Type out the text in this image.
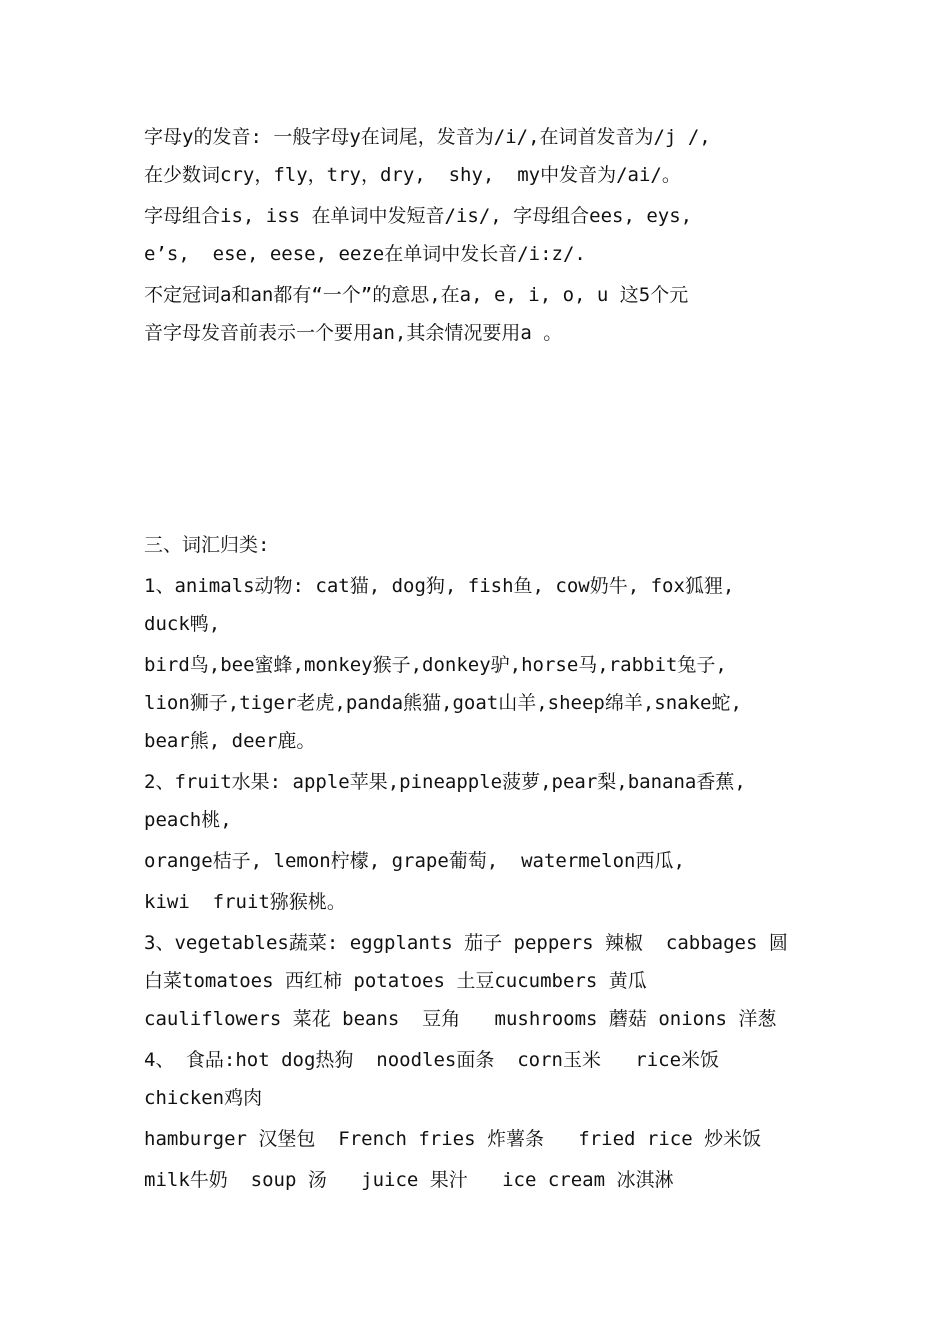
字母y的发音: 一般字母y在词尾，发音为/i/,在词首发音为/j /,
在少数词cry，fly，try，dry,  shy,  my中发音为/ai/。
字母组合is, iss 在单词中发短音/is/, 字母组合ees, eys,
e’s,  ese, eese, eeze在单词中发长音/i:z/.
不定冠词a和an都有“一个”的意思,在a, e, i, o, u 这5个元
音字母发音前表示一个要用an,其余情况要用a 。
三、词汇归类:
1、animals动物: cat猫, dog狗, fish鱼, cow奶牛, fox狐狸,
duck鸭,
bird鸟,bee蜜蜂,monkey猴子,donkey驴,horse马,rabbit兔子,
lion狮子,tiger老虎,panda熊猫,goat山羊,sheep绵羊,snake蛇,
bear熊, deer鹿。
2、fruit水果: apple苹果,pineapple菠萝,pear梨,banana香蕉,
peach桃,
orange桔子, lemon柠檬, grape葡萄,  watermelon西瓜,
kiwi  fruit猕猴桃。
3、vegetables蔬菜: eggplants 茄子 peppers 辣椒  cabbages 圆
白菜tomatoes 西红柿 potatoes 土豆cucumbers 黄瓜
cauliflowers 菜花 beans  豆角   mushrooms 蘑菇 onions 洋葱
4、 食品:hot dog热狗  noodles面条  corn玉米   rice米饭
chicken鸡肉
hamburger 汉堡包  French fries 炸薯条   fried rice 炒米饭
milk牛奶  soup 汤   juice 果汁   ice cream 冰淇淋
